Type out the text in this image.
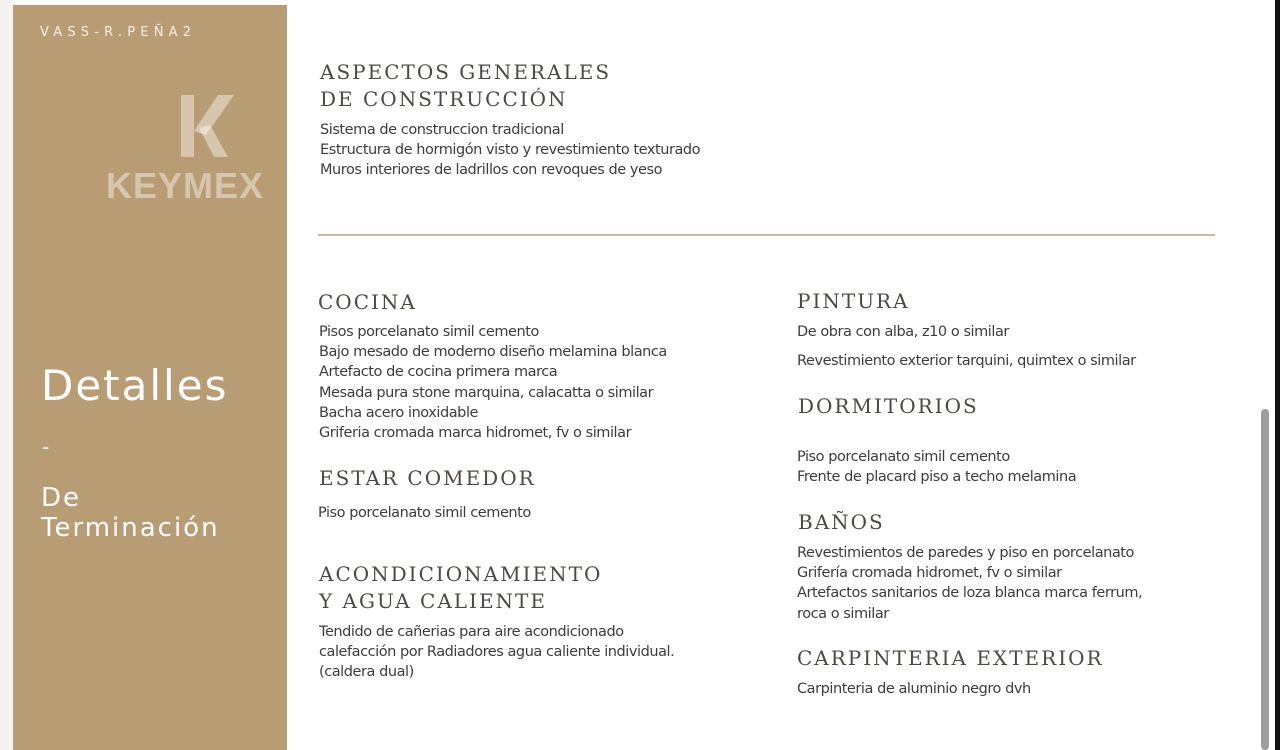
VASS-R.PEÑA2
KEYMEX
Detalles
-
De
Terminación
ASPECTOS GENERALES
DE CONSTRUCCIÓN
Sistema de construccion tradicional
Estructura de hormigón visto y revestimiento texturado
Muros interiores de ladrillos con revoques de yeso
COCINA
Pisos porcelanato simil cemento
Bajo mesado de moderno diseño melamina blanca
Artefacto de cocina primera marca
Mesada pura stone marquina, calacatta o similar
Bacha acero inoxidable
Griferia cromada marca hidromet, fv o similar
ESTAR COMEDOR
Piso porcelanato simil cemento
ACONDICIONAMIENTO
Y AGUA CALIENTE
Tendido de cañerias para aire acondicionado
calefacción por Radiadores agua caliente individual.
(caldera dual)
PINTURA
De obra con alba, z10 o similar
Revestimiento exterior tarquini, quimtex o similar
DORMITORIOS
Piso porcelanato simil cemento
Frente de placard piso a techo melamina
BAÑOS
Revestimientos de paredes y piso en porcelanato
Grifería cromada hidromet, fv o similar
Artefactos sanitarios de loza blanca marca ferrum,
roca o similar
CARPINTERIA EXTERIOR
Carpinteria de aluminio negro dvh
